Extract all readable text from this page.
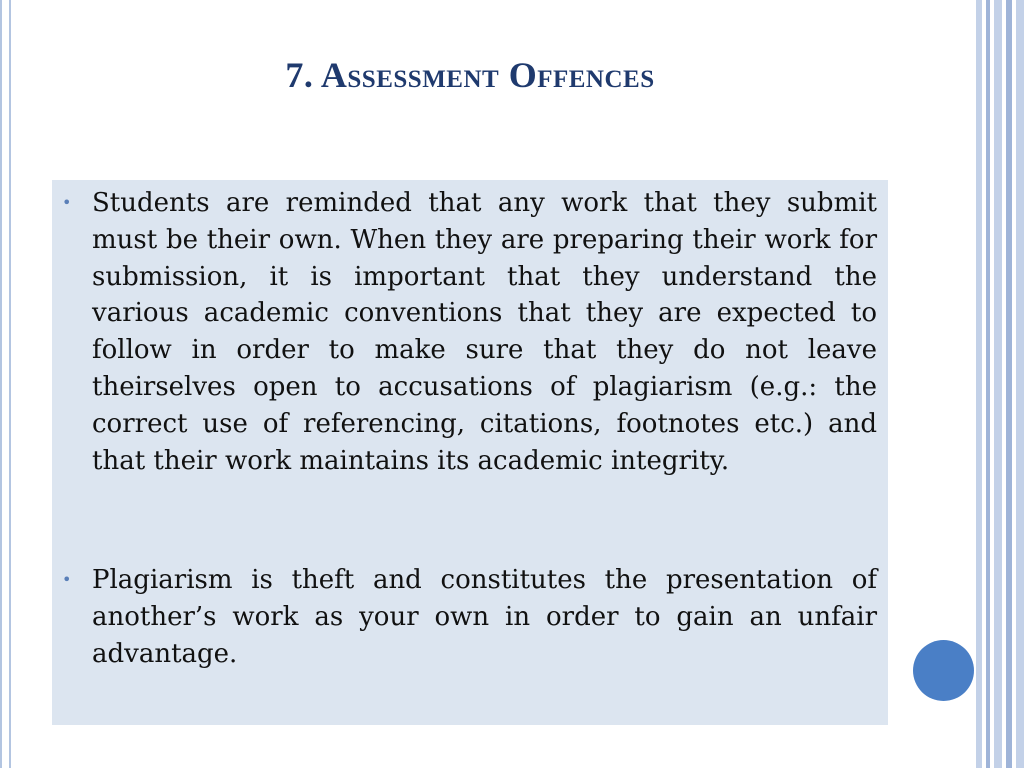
7. Assessment Offences
• Students are reminded that any work that they submit must be their own. When they are preparing their work for submission, it is important that they understand the various academic conventions that they are expected to follow in order to make sure that they do not leave theirselves open to accusations of plagiarism (e.g.: the correct use of referencing, citations, footnotes etc.) and that their work maintains its academic integrity.
• Plagiarism is theft and constitutes the presentation of another’s work as your own in order to gain an unfair advantage.
